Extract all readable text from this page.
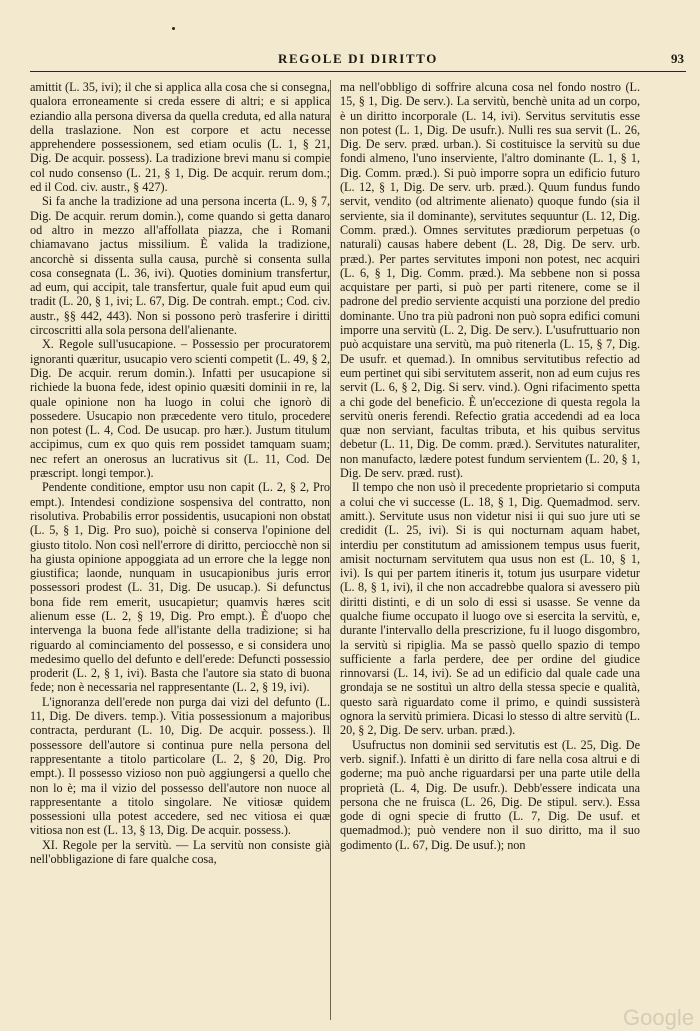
REGOLE DI DIRITTO	93

amittit (L. 35, ivi); il che si applica alla cosa che si consegna, qualora erroneamente si creda essere di altri; e si applica eziandio alla persona diversa da quella creduta, ed alla natura della traslazione. Non est corpore et actu necesse apprehendere possessionem, sed etiam oculis (L. 1, § 21, Dig. De acquir. possess). La tradizione brevi manu si compie col nudo consenso (L. 21, § 1, Dig. De acquir. rerum dom.; ed il Cod. civ. austr., § 427).

Si fa anche la tradizione ad una persona incerta (L. 9, § 7, Dig. De acquir. rerum domin.), come quando si getta danaro od altro in mezzo all'affollata piazza, che i Romani chiamavano jactus missilium. È valida la tradizione, ancorchè si dissenta sulla causa, purchè si consenta sulla cosa consegnata (L. 36, ivi). Quoties dominium transfertur, ad eum, qui accipit, tale transfertur, quale fuit apud eum qui tradit (L. 20, § 1, ivi; L. 67, Dig. De contrah. empt.; Cod. civ. austr., §§ 442, 443). Non si possono però trasferire i diritti circoscritti alla sola persona dell'alienante.

X. Regole sull'usucapione. – Possessio per procuratorem ignoranti quæritur, usucapio vero scienti competit (L. 49, § 2, Dig. De acquir. rerum domin.). Infatti per usucapione si richiede la buona fede, idest opinio quæsiti dominii in re, la quale opinione non ha luogo in colui che ignorò di possedere. Usucapio non præcedente vero titulo, procedere non potest (L. 4, Cod. De usucap. pro hær.). Justum titulum accipimus, cum ex quo quis rem possidet tamquam suam; nec refert an onerosus an lucrativus sit (L. 11, Cod. De præscript. longi tempor.).

Pendente conditione, emptor usu non capit (L. 2, § 2, Pro empt.). Intendesi condizione sospensiva del contratto, non risolutiva. Probabilis error possidentis, usucapioni non obstat (L. 5, § 1, Dig. Pro suo), poichè si conserva l'opinione del giusto titolo. Non così nell'errore di diritto, perciocchè non si ha giusta opinione appoggiata ad un errore che la legge non giustifica; laonde, nunquam in usucapionibus juris error possessori prodest (L. 31, Dig. De usucap.). Si defunctus bona fide rem emerit, usucapietur; quamvis hæres scit alienum esse (L. 2, § 19, Dig. Pro empt.). È d'uopo che intervenga la buona fede all'istante della tradizione; si ha riguardo al cominciamento del possesso, e si considera uno medesimo quello del defunto e dell'erede: Defuncti possessio proderit (L. 2, § 1, ivi). Basta che l'autore sia stato di buona fede; non è necessaria nel rappresentante (L. 2, § 19, ivi).

L'ignoranza dell'erede non purga dai vizi del defunto (L. 11, Dig. De divers. temp.). Vitia possessionum a majoribus contracta, perdurant (L. 10, Dig. De acquir. possess.). Il possessore dell'autore si continua pure nella persona del rappresentante a titolo particolare (L. 2, § 20, Dig. Pro empt.). Il possesso vizioso non può aggiungersi a quello che non lo è; ma il vizio del possesso dell'autore non nuoce al rappresentante a titolo singolare. Ne vitiosæ quidem possessioni ulla potest accedere, sed nec vitiosa ei quæ vitiosa non est (L. 13, § 13, Dig. De acquir. possess.).

XI. Regole per la servitù. — La servitù non consiste già nell'obbligazione di fare qualche cosa,

ma nell'obbligo di soffrire alcuna cosa nel fondo nostro (L. 15, § 1, Dig. De serv.). La servitù, benchè unita ad un corpo, è un diritto incorporale (L. 14, ivi). Servitus servitutis esse non potest (L. 1, Dig. De usufr.). Nulli res sua servit (L. 26, Dig. De serv. præd. urban.). Si costituisce la servitù su due fondi almeno, l'uno inserviente, l'altro dominante (L. 1, § 1, Dig. Comm. præd.). Si può imporre sopra un edificio futuro (L. 12, § 1, Dig. De serv. urb. præd.). Quum fundus fundo servit, vendito (od altrimente alienato) quoque fundo (sia il serviente, sia il dominante), servitutes sequuntur (L. 12, Dig. Comm. præd.). Omnes servitutes prædiorum perpetuas (o naturali) causas habere debent (L. 28, Dig. De serv. urb. præd.). Per partes servitutes imponi non potest, nec acquiri (L. 6, § 1, Dig. Comm. præd.). Ma sebbene non si possa acquistare per parti, si può per parti ritenere, come se il padrone del predio serviente acquisti una porzione del predio dominante. Uno tra più padroni non può sopra edifici comuni imporre una servitù (L. 2, Dig. De serv.). L'usufruttuario non può acquistare una servitù, ma può ritenerla (L. 15, § 7, Dig. De usufr. et quemad.). In omnibus servitutibus refectio ad eum pertinet qui sibi servitutem asserit, non ad eum cujus res servit (L. 6, § 2, Dig. Si serv. vind.). Ogni rifacimento spetta a chi gode del beneficio. È un'eccezione di questa regola la servitù oneris ferendi. Refectio gratia accedendi ad ea loca quæ non serviant, facultas tributa, et his quibus servitus debetur (L. 11, Dig. De comm. præd.). Servitutes naturaliter, non manufacto, lædere potest fundum servientem (L. 20, § 1, Dig. De serv. præd. rust).

Il tempo che non usò il precedente proprietario si computa a colui che vi successe (L. 18, § 1, Dig. Quemadmod. serv. amitt.). Servitute usus non videtur nisi ii qui suo jure uti se credidit (L. 25, ivi). Si is qui nocturnam aquam habet, interdiu per constitutum ad amissionem tempus usus fuerit, amisit nocturnam servitutem qua usus non est (L. 10, § 1, ivi). Is qui per partem itineris it, totum jus usurpare videtur (L. 8, § 1, ivi), il che non accadrebbe qualora si avessero più diritti distinti, e di un solo di essi si usasse. Se venne da qualche fiume occupato il luogo ove si esercita la servitù, e, durante l'intervallo della prescrizione, fu il luogo disgombro, la servitù si ripiglia. Ma se passò quello spazio di tempo sufficiente a farla perdere, dee per ordine del giudice rinnovarsi (L. 14, ivi). Se ad un edificio dal quale cade una grondaja se ne sostituì un altro della stessa specie e qualità, questo sarà riguardato come il primo, e quindi sussisterà ognora la servitù primiera. Dicasi lo stesso di altre servitù (L. 20, § 2, Dig. De serv. urban. præd.).

Usufructus non dominii sed servitutis est (L. 25, Dig. De verb. signif.). Infatti è un diritto di fare nella cosa altrui e di goderne; ma può anche riguardarsi per una parte utile della proprietà (L. 4, Dig. De usufr.). Debb'essere indicata una persona che ne fruisca (L. 26, Dig. De stipul. serv.). Essa gode di ogni specie di frutto (L. 7, Dig. De usuf. et quemadmod.); può vendere non il suo diritto, ma il suo godimento (L. 67, Dig. De usuf.); non

Google
